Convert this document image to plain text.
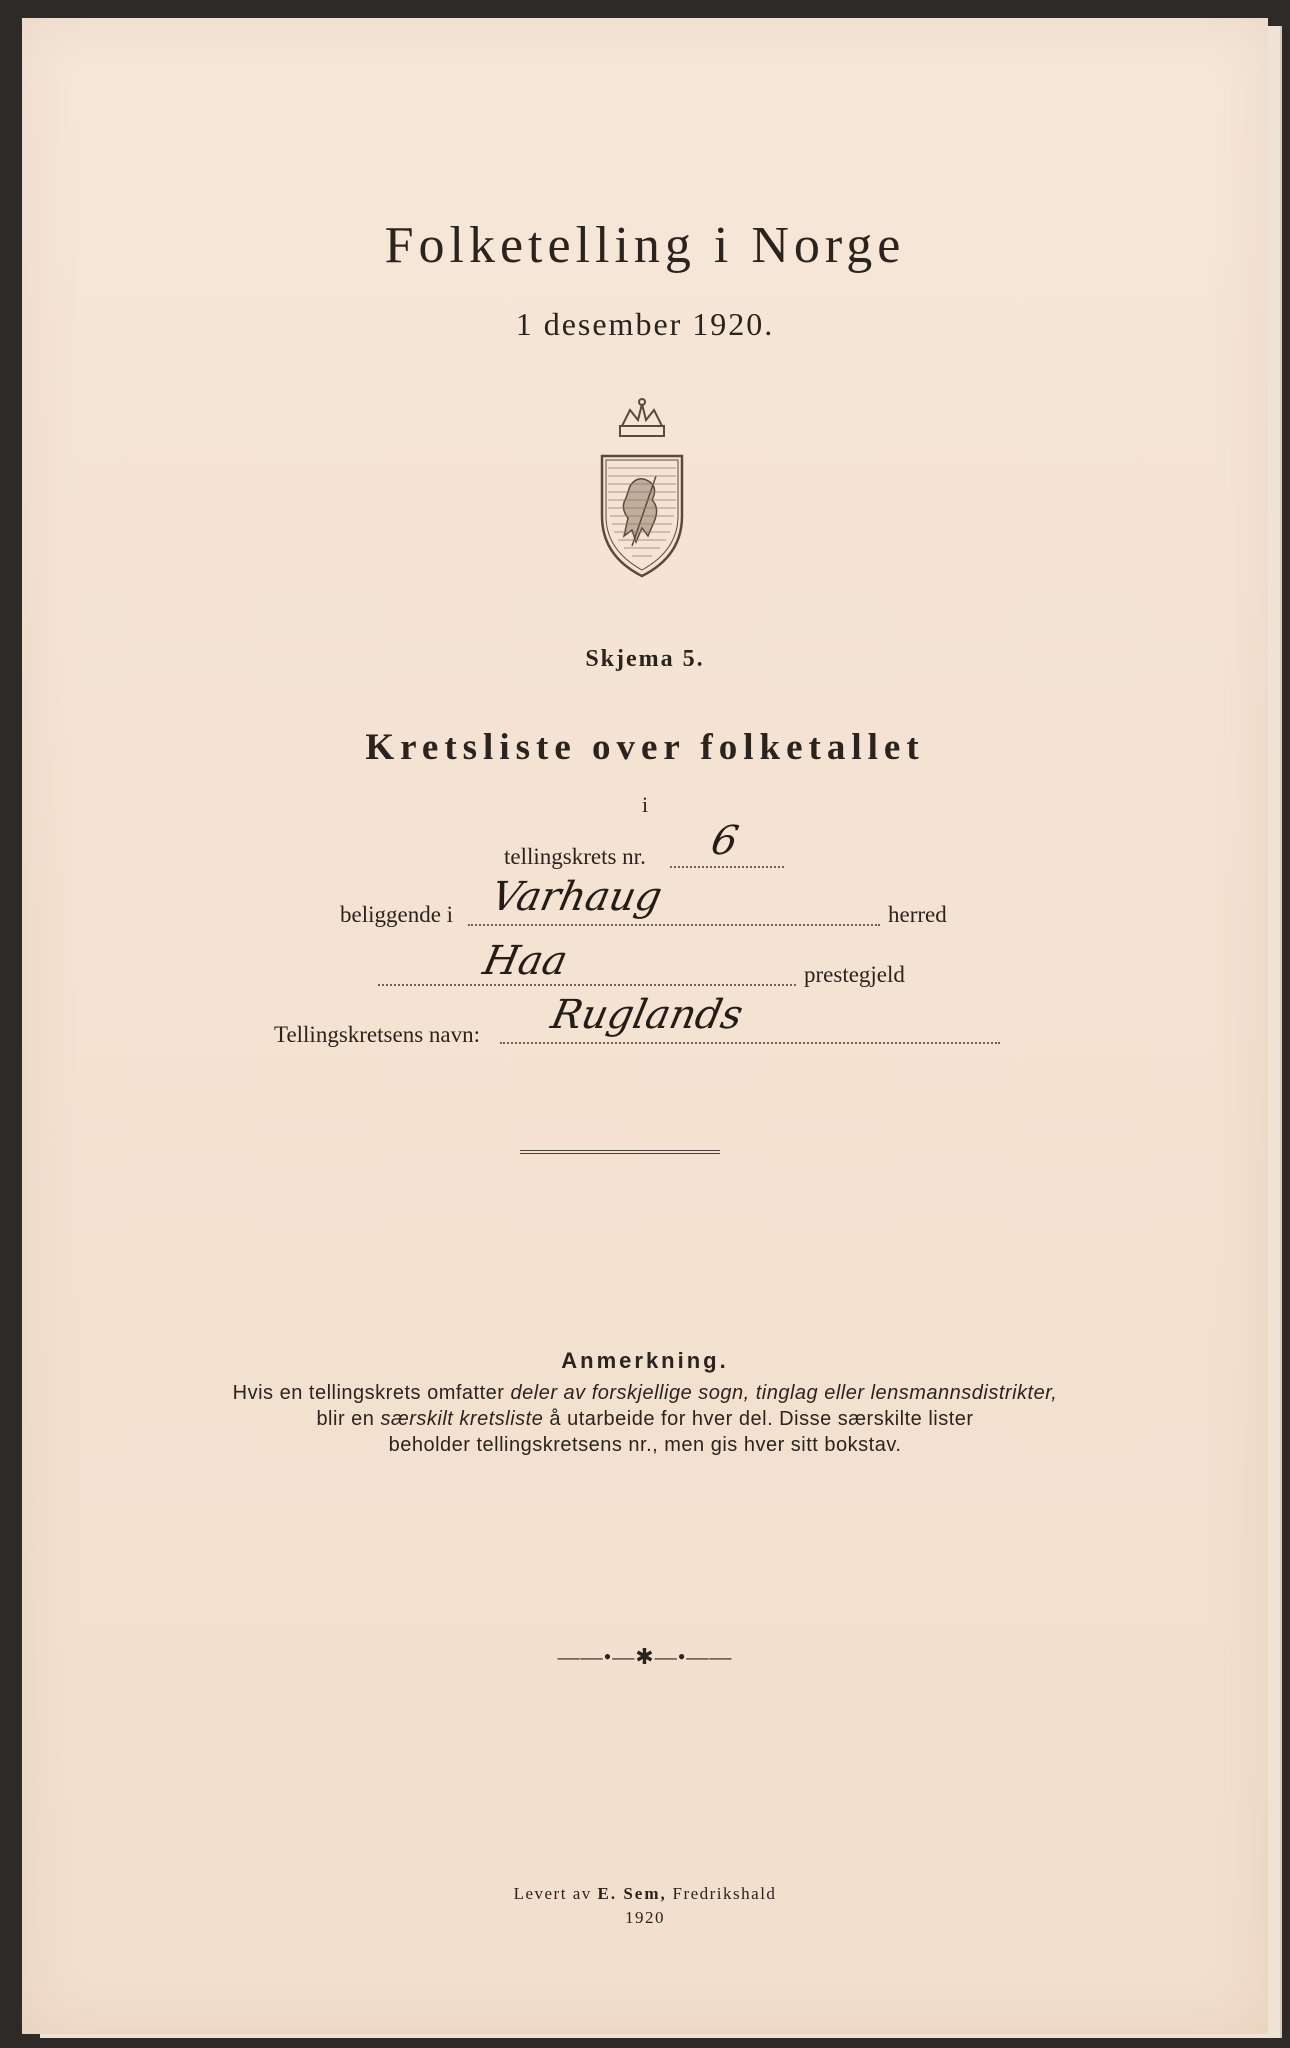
Folketelling i Norge
1 desember 1920.
Skjema 5.
Kretsliste over folketallet
i
tellingskrets nr. 6
beliggende i Varhaug	herred
Haa	prestegjeld
Tellingskretsens navn: Ruglands
Anmerkning.
Hvis en tellingskrets omfatter deler av forskjellige sogn, tinglag eller lensmannsdistrikter,
blir en særskilt kretsliste å utarbeide for hver del. Disse særskilte lister
beholder tellingskretsens nr., men gis hver sitt bokstav.
——•—✱—•——
Levert av E. Sem, Fredrikshald
1920
